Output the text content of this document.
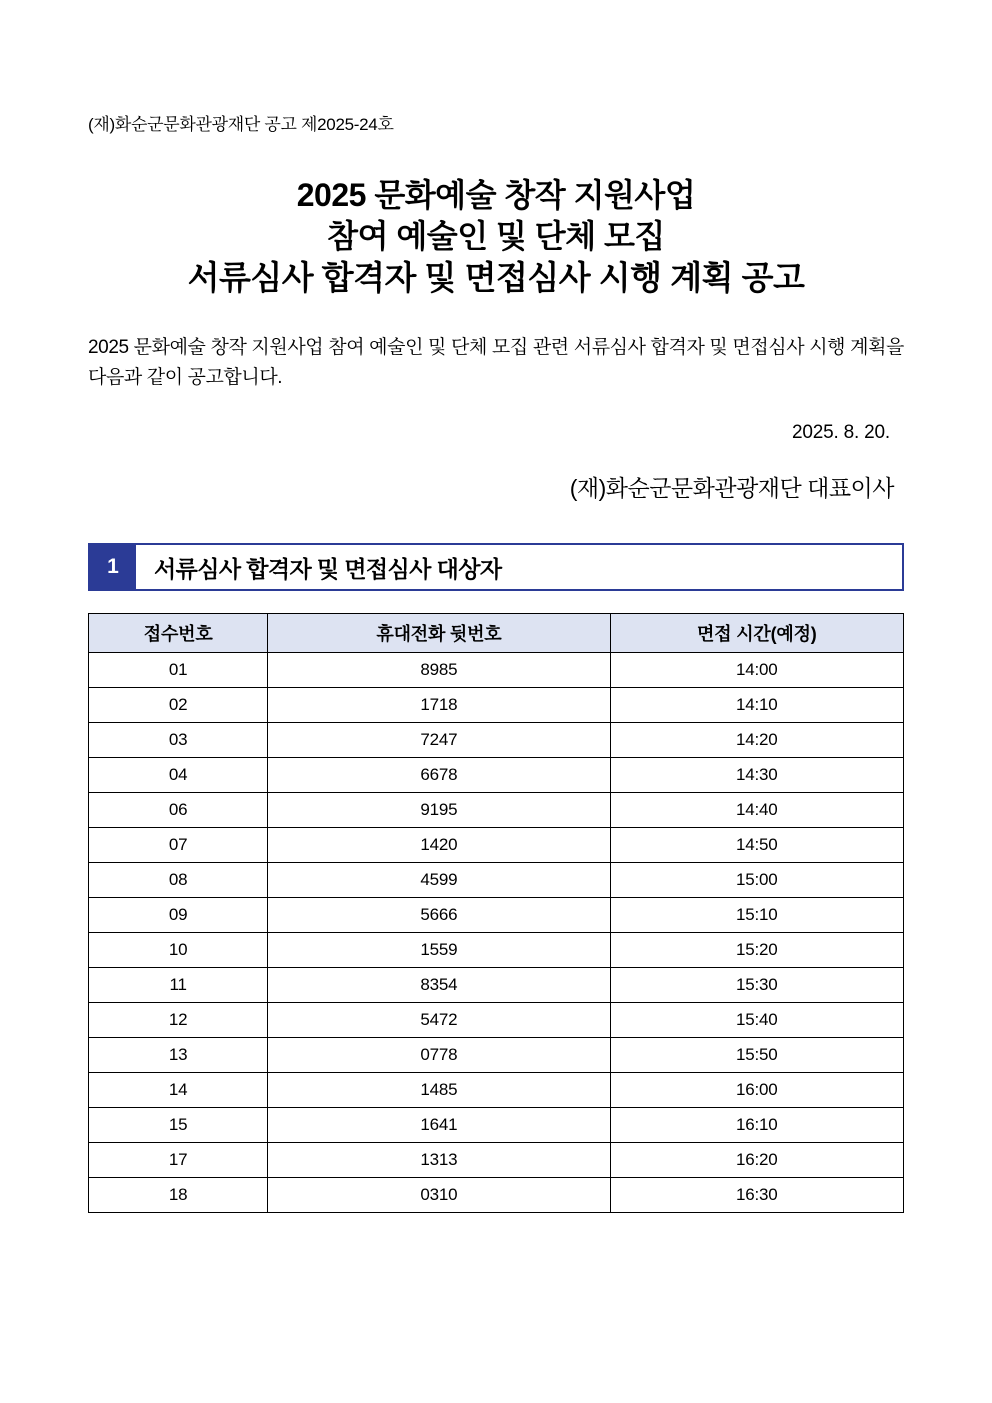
(재)화순군문화관광재단 공고 제2025-24호
2025 문화예술 창작 지원사업
참여 예술인 및 단체 모집
서류심사 합격자 및 면접심사 시행 계획 공고

2025 문화예술 창작 지원사업 참여 예술인 및 단체 모집 관련 서류심사 합격자 및 면접심사 시행 계획을 다음과 같이 공고합니다.

2025. 8. 20.
(재)화순군문화관광재단 대표이사
1	서류심사 합격자 및 면접심사 대상자
접수번호	휴대전화 뒷번호	면접 시간(예정)
01	8985	14:00
02	1718	14:10
03	7247	14:20
04	6678	14:30
06	9195	14:40
07	1420	14:50
08	4599	15:00
09	5666	15:10
10	1559	15:20
11	8354	15:30
12	5472	15:40
13	0778	15:50
14	1485	16:00
15	1641	16:10
17	1313	16:20
18	0310	16:30
